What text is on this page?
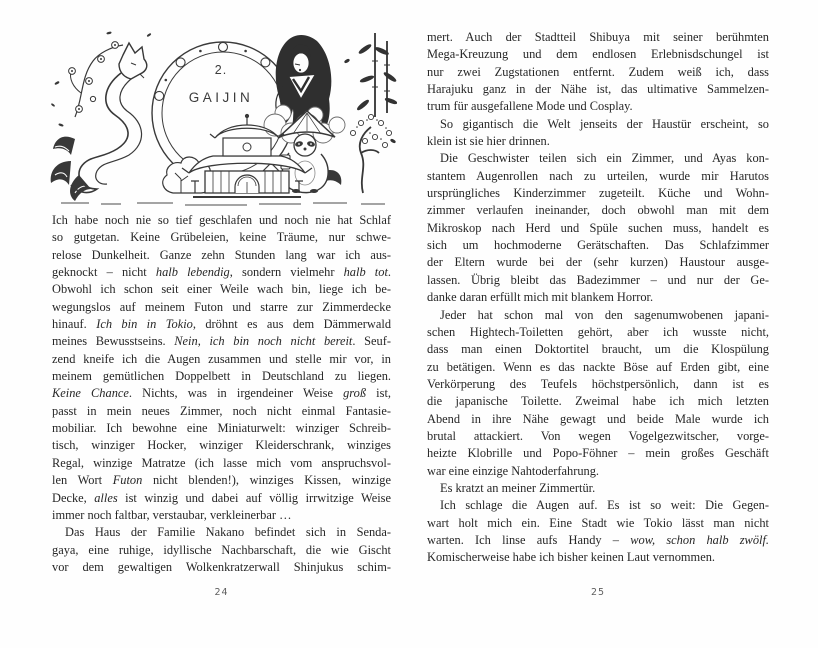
2.
GAIJIN
Ich habe noch nie so tief geschlafen und noch nie hat Schlaf
so gutgetan. Keine Grübeleien, keine Träume, nur schwe-
relose Dunkelheit. Ganze zehn Stunden lang war ich aus-
geknockt – nicht halb lebendig, sondern vielmehr halb tot.
Obwohl ich schon seit einer Weile wach bin, liege ich be-
wegungslos auf meinem Futon und starre zur Zimmerdecke
hinauf. Ich bin in Tokio, dröhnt es aus dem Dämmerwald
meines Bewusstseins. Nein, ich bin noch nicht bereit. Seuf-
zend kneife ich die Augen zusammen und stelle mir vor, in
meinem gemütlichen Doppelbett in Deutschland zu liegen.
Keine Chance. Nichts, was in irgendeiner Weise groß ist,
passt in mein neues Zimmer, noch nicht einmal Fantasie-
mobiliar. Ich bewohne eine Miniaturwelt: winziger Schreib-
tisch, winziger Hocker, winziger Kleiderschrank, winziges
Regal, winzige Matratze (ich lasse mich vom anspruchsvol-
len Wort Futon nicht blenden!), winziges Kissen, winzige
Decke, alles ist winzig und dabei auf völlig irrwitzige Weise
immer noch faltbar, verstaubar, verkleinerbar …
Das Haus der Familie Nakano befindet sich in Senda-
gaya, eine ruhige, idyllische Nachbarschaft, die wie Gischt
vor dem gewaltigen Wolkenkratzerwall Shinjukus schim-
24
mert. Auch der Stadtteil Shibuya mit seiner berühmten
Mega-Kreuzung und dem endlosen Erlebnisdschungel ist
nur zwei Zugstationen entfernt. Zudem weiß ich, dass
Harajuku ganz in der Nähe ist, das ultimative Sammelzen-
trum für ausgefallene Mode und Cosplay.
So gigantisch die Welt jenseits der Haustür erscheint, so
klein ist sie hier drinnen.
Die Geschwister teilen sich ein Zimmer, und Ayas kon-
stantem Augenrollen nach zu urteilen, wurde mir Harutos
ursprüngliches Kinderzimmer zugeteilt. Küche und Wohn-
zimmer verlaufen ineinander, doch obwohl man mit dem
Mikroskop nach Herd und Spüle suchen muss, handelt es
sich um hochmoderne Gerätschaften. Das Schlafzimmer
der Eltern wurde bei der (sehr kurzen) Haustour ausge-
lassen. Übrig bleibt das Badezimmer – und nur der Ge-
danke daran erfüllt mich mit blankem Horror.
Jeder hat schon mal von den sagenumwobenen japani-
schen Hightech-Toiletten gehört, aber ich wusste nicht,
dass man einen Doktortitel braucht, um die Klospülung
zu betätigen. Wenn es das nackte Böse auf Erden gibt, eine
Verkörperung des Teufels höchstpersönlich, dann ist es
die japanische Toilette. Zweimal habe ich mich letzten
Abend in ihre Nähe gewagt und beide Male wurde ich
brutal attackiert. Von wegen Vogelgezwitscher, vorge-
heizte Klobrille und Popo-Föhner – mein großes Geschäft
war eine einzige Nahtoderfahrung.
Es kratzt an meiner Zimmertür.
Ich schlage die Augen auf. Es ist so weit: Die Gegen-
wart holt mich ein. Eine Stadt wie Tokio lässt man nicht
warten. Ich linse aufs Handy – wow, schon halb zwölf.
Komischerweise habe ich bisher keinen Laut vernommen.
25
